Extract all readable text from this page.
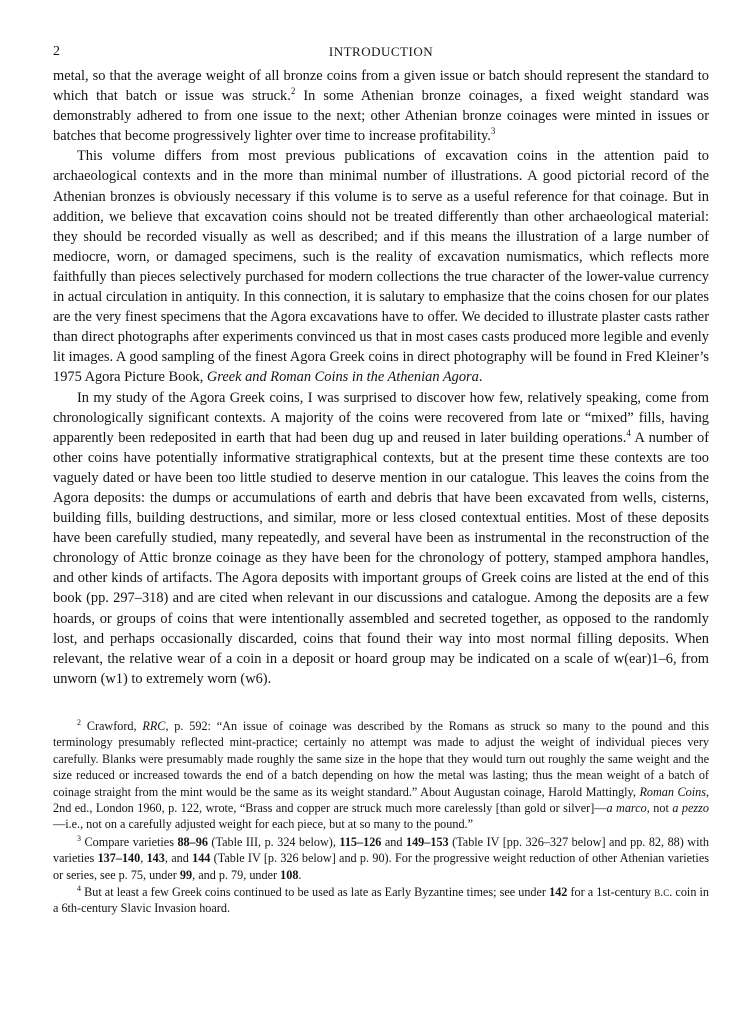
2	INTRODUCTION

metal, so that the average weight of all bronze coins from a given issue or batch should represent the standard to which that batch or issue was struck.$^2$ In some Athenian bronze coinages, a fixed weight standard was demonstrably adhered to from one issue to the next; other Athenian bronze coinages were minted in issues or batches that become progressively lighter over time to increase profitability.$^3$

This volume differs from most previous publications of excavation coins in the attention paid to archaeological contexts and in the more than minimal number of illustrations. A good pictorial record of the Athenian bronzes is obviously necessary if this volume is to serve as a useful reference for that coinage. But in addition, we believe that excavation coins should not be treated differently than other archaeological material: they should be recorded visually as well as described; and if this means the illustration of a large number of mediocre, worn, or damaged specimens, such is the reality of excavation numismatics, which reflects more faithfully than pieces selectively purchased for modern collections the true character of the lower-value currency in actual circulation in antiquity. In this connection, it is salutary to emphasize that the coins chosen for our plates are the very finest specimens that the Agora excavations have to offer. We decided to illustrate plaster casts rather than direct photographs after experiments convinced us that in most cases casts produced more legible and evenly lit images. A good sampling of the finest Agora Greek coins in direct photography will be found in Fred Kleiner’s 1975 Agora Picture Book, Greek and Roman Coins in the Athenian Agora.

In my study of the Agora Greek coins, I was surprised to discover how few, relatively speaking, come from chronologically significant contexts. A majority of the coins were recovered from late or “mixed” fills, having apparently been redeposited in earth that had been dug up and reused in later building operations.$^4$ A number of other coins have potentially informative stratigraphical contexts, but at the present time these contexts are too vaguely dated or have been too little studied to deserve mention in our catalogue. This leaves the coins from the Agora deposits: the dumps or accumulations of earth and debris that have been excavated from wells, cisterns, building fills, building destructions, and similar, more or less closed contextual entities. Most of these deposits have been carefully studied, many repeatedly, and several have been as instrumental in the reconstruction of the chronology of Attic bronze coinage as they have been for the chronology of pottery, stamped amphora handles, and other kinds of artifacts. The Agora deposits with important groups of Greek coins are listed at the end of this book (pp. 297–318) and are cited when relevant in our discussions and catalogue. Among the deposits are a few hoards, or groups of coins that were intentionally assembled and secreted together, as opposed to the randomly lost, and perhaps occasionally discarded, coins that found their way into most normal filling deposits. When relevant, the relative wear of a coin in a deposit or hoard group may be indicated on a scale of w(ear)1–6, from unworn (w1) to extremely worn (w6).

$^2$ Crawford, RRC, p. 592: “An issue of coinage was described by the Romans as struck so many to the pound and this terminology presumably reflected mint-practice; certainly no attempt was made to adjust the weight of individual pieces very carefully. Blanks were presumably made roughly the same size in the hope that they would turn out roughly the same weight and the size reduced or increased towards the end of a batch depending on how the metal was lasting; thus the mean weight of a batch of coinage straight from the mint would be the same as its weight standard.” About Augustan coinage, Harold Mattingly, Roman Coins, 2nd ed., London 1960, p. 122, wrote, “Brass and copper are struck much more carelessly [than gold or silver]—a marco, not a pezzo—i.e., not on a carefully adjusted weight for each piece, but at so many to the pound.”

$^3$ Compare varieties 88–96 (Table III, p. 324 below), 115–126 and 149–153 (Table IV [pp. 326–327 below] and pp. 82, 88) with varieties 137–140, 143, and 144 (Table IV [p. 326 below] and p. 90). For the progressive weight reduction of other Athenian varieties or series, see p. 75, under 99, and p. 79, under 108.

$^4$ But at least a few Greek coins continued to be used as late as Early Byzantine times; see under 142 for a 1st-century b.c. coin in a 6th-century Slavic Invasion hoard.
